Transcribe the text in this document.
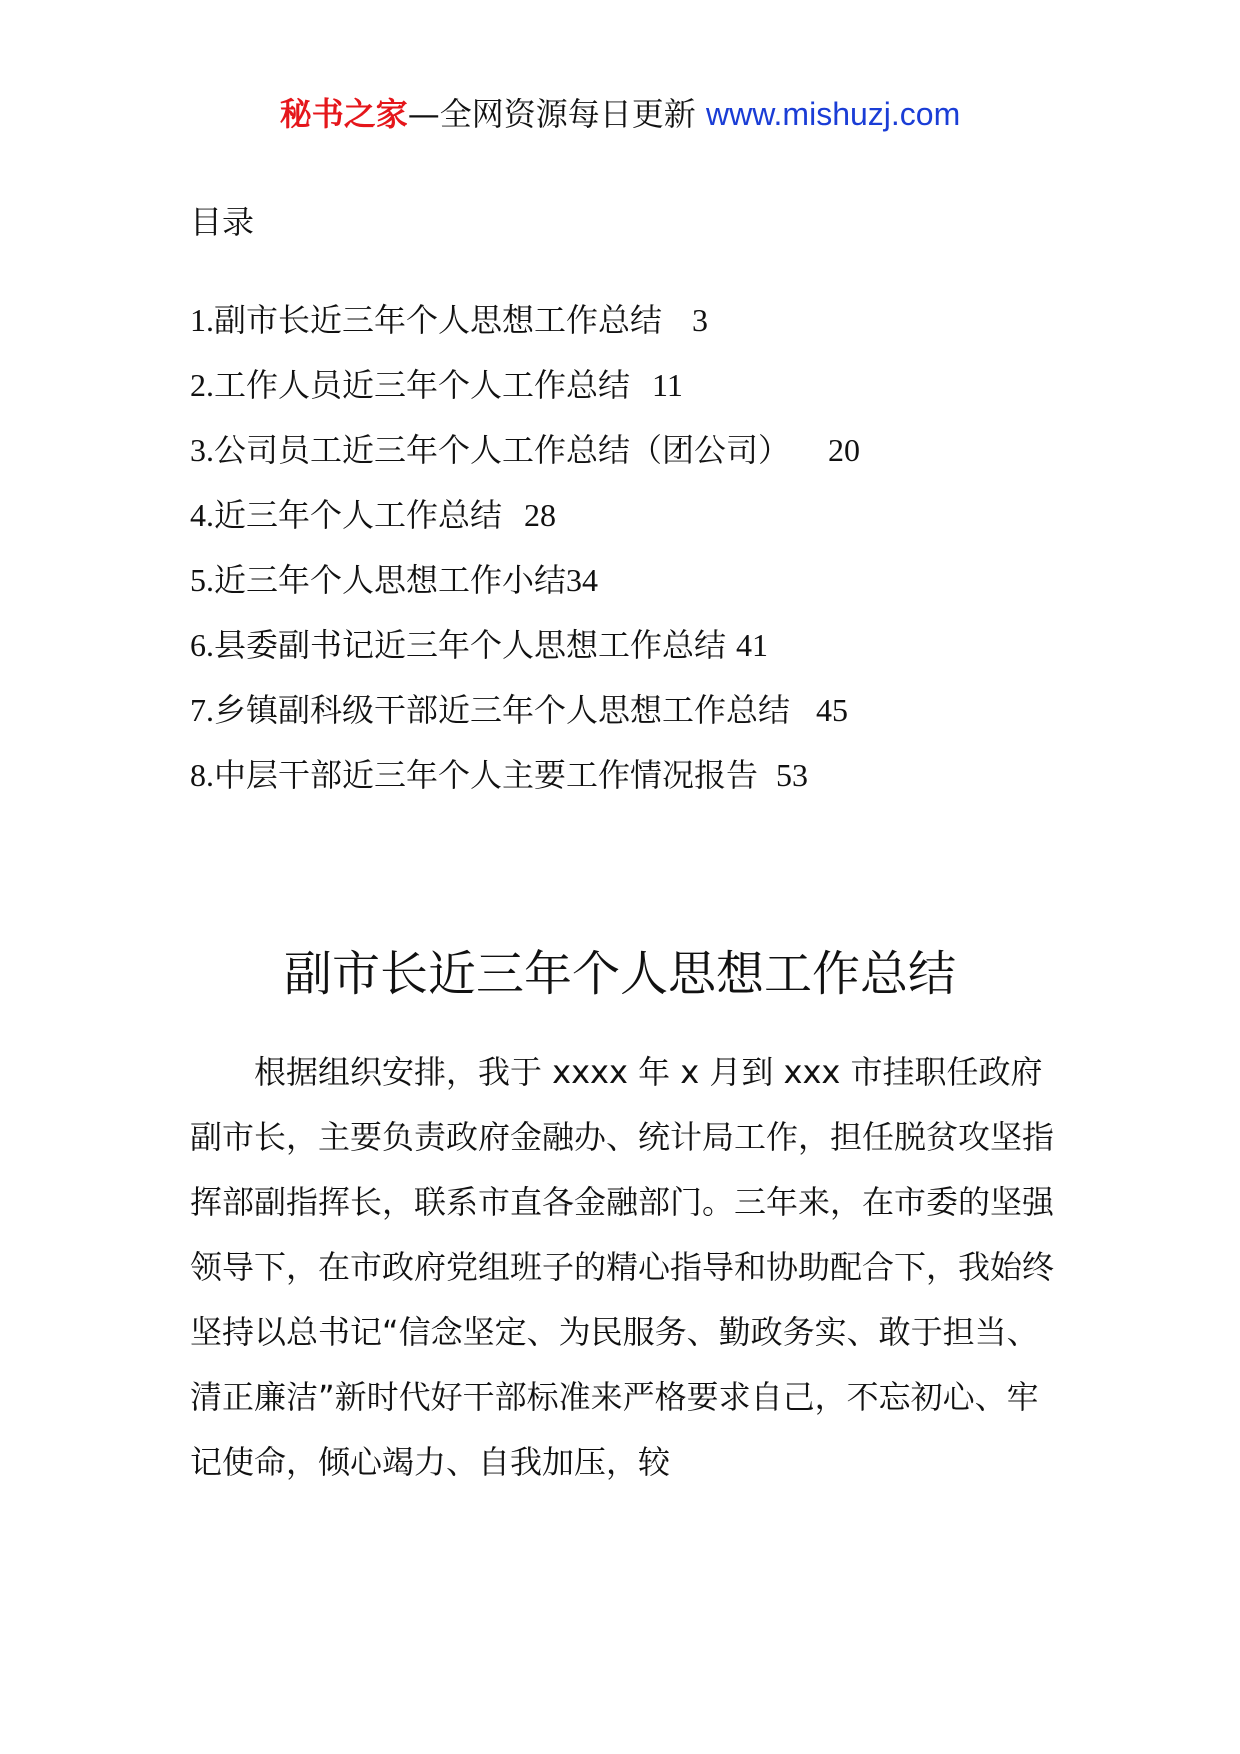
秘书之家—全网资源每日更新 www.mishuzj.com
目录
1.副市长近三年个人思想工作总结 3
2.工作人员近三年个人工作总结 11
3.公司员工近三年个人工作总结（团公司） 20
4.近三年个人工作总结 28
5.近三年个人思想工作小结34
6.县委副书记近三年个人思想工作总结 41
7.乡镇副科级干部近三年个人思想工作总结 45
8.中层干部近三年个人主要工作情况报告 53
副市长近三年个人思想工作总结

根据组织安排，我于 xxxx 年 x 月到 xxx 市挂职任政府副市长，主要负责政府金融办、统计局工作，担任脱贫攻坚指挥部副指挥长，联系市直各金融部门。三年来，在市委的坚强领导下，在市政府党组班子的精心指导和协助配合下，我始终坚持以总书记“信念坚定、为民服务、勤政务实、敢于担当、清正廉洁”新时代好干部标准来严格要求自己，不忘初心、牢记使命，倾心竭力、自我加压，较
